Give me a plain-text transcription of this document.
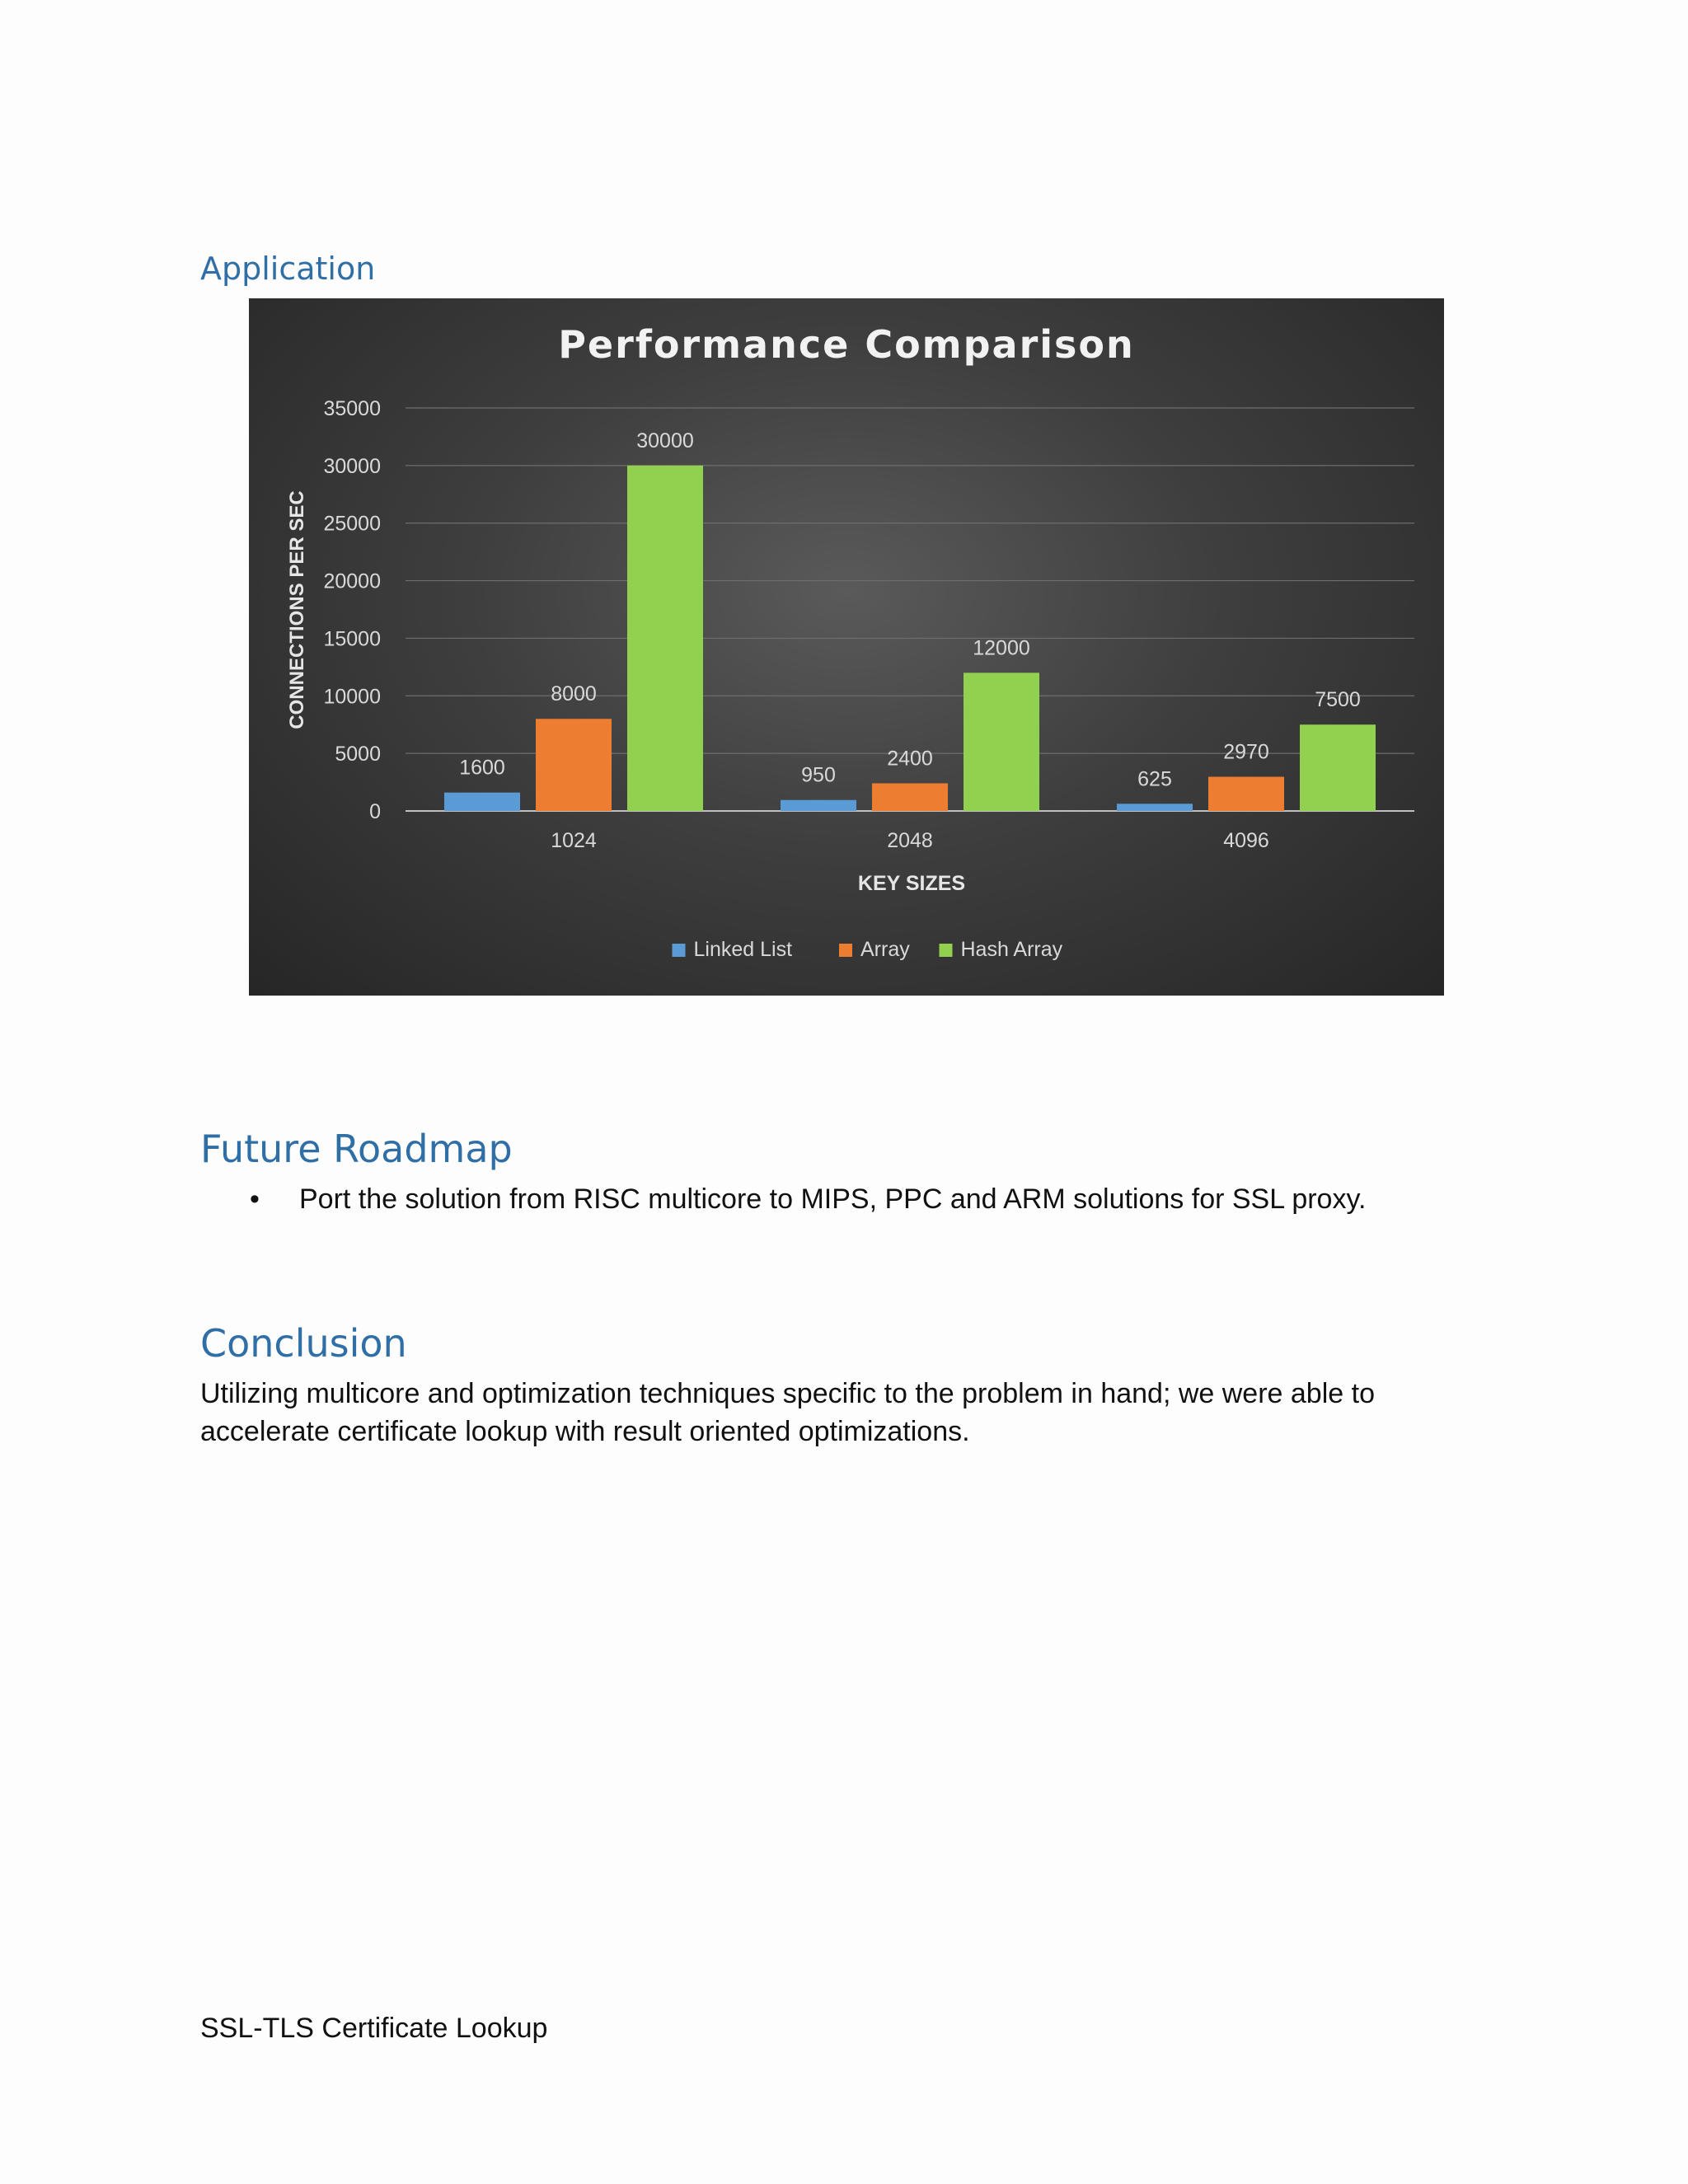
Application
Performance Comparison
0
5000
10000
15000
20000
25000
30000
35000
1600
8000
30000
1024
950
2400
12000
2048
625
2970
7500
4096
CONNECTIONS PER SEC
KEY SIZES
Linked List	Array Hash Array
Future Roadmap
• Port the solution from RISC multicore to MIPS, PPC and ARM solutions for SSL proxy.
Conclusion

Utilizing multicore and optimization techniques specific to the problem in hand; we were able to accelerate certificate lookup with result oriented optimizations.

SSL-TLS Certificate Lookup
